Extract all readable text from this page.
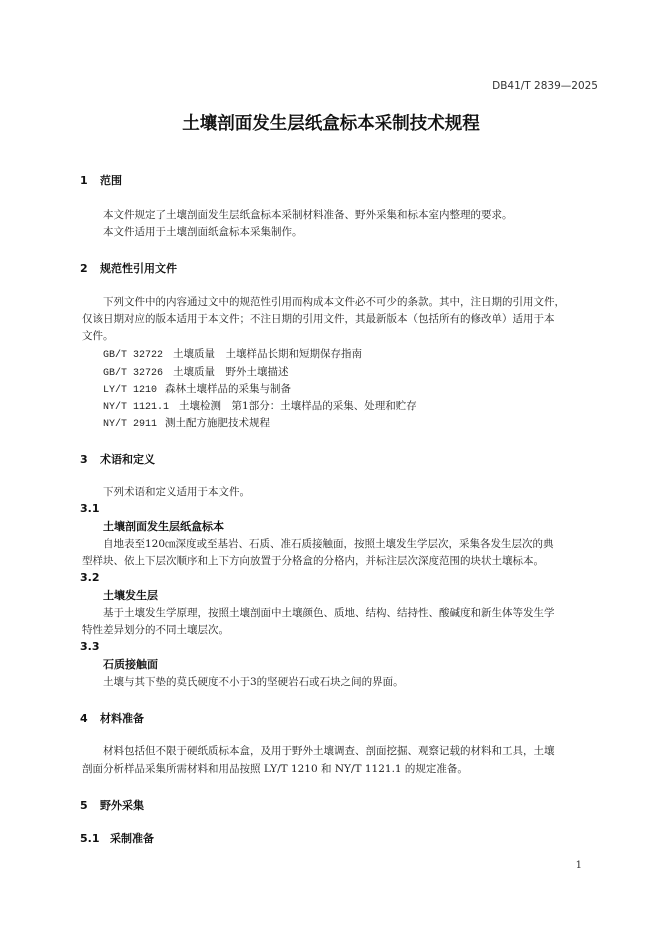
DB41/T 2839—2025
土壤剖面发生层纸盒标本采制技术规程
1 范围
本文件规定了土壤剖面发生层纸盒标本采制材料准备、野外采集和标本室内整理的要求。
本文件适用于土壤剖面纸盒标本采集制作。
2 规范性引用文件
下列文件中的内容通过文中的规范性引用而构成本文件必不可少的条款。其中，注日期的引用文件，
仅该日期对应的版本适用于本文件；不注日期的引用文件，其最新版本（包括所有的修改单）适用于本
文件。
GB/T 32722 土壤质量　土壤样品长期和短期保存指南
GB/T 32726 土壤质量　野外土壤描述
LY/T 1210 森林土壤样品的采集与制备
NY/T 1121.1 土壤检测　第1部分：土壤样品的采集、处理和贮存
NY/T 2911 测土配方施肥技术规程
3 术语和定义
下列术语和定义适用于本文件。
3.1
土壤剖面发生层纸盒标本
自地表至120㎝深度或至基岩、石质、准石质接触面，按照土壤发生学层次，采集各发生层次的典
型样块、依上下层次顺序和上下方向放置于分格盒的分格内，并标注层次深度范围的块状土壤标本。
3.2
土壤发生层
基于土壤发生学原理，按照土壤剖面中土壤颜色、质地、结构、结持性、酸碱度和新生体等发生学
特性差异划分的不同土壤层次。
3.3
石质接触面
土壤与其下垫的莫氏硬度不小于3的坚硬岩石或石块之间的界面。
4 材料准备
材料包括但不限于硬纸质标本盒，及用于野外土壤调查、剖面挖掘、观察记载的材料和工具，土壤
剖面分析样品采集所需材料和用品按照 LY/T 1210 和 NY/T 1121.1 的规定准备。
5 野外采集
5.1 采制准备
1
